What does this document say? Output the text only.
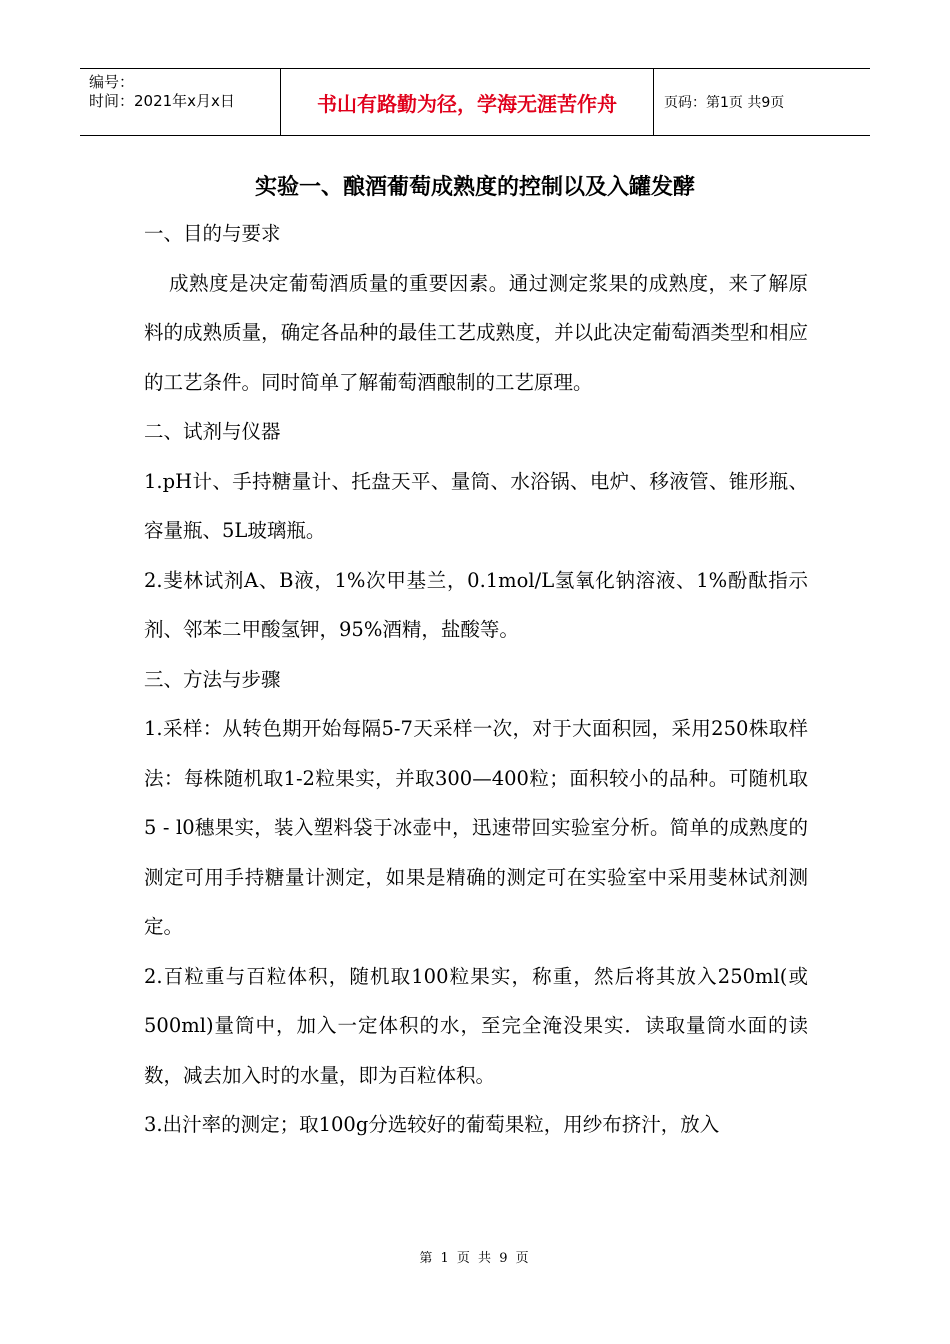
编号：
时间：2021年x月x日	书山有路勤为径，学海无涯苦作舟	页码：第1页 共9页
实验一、酿酒葡萄成熟度的控制以及入罐发酵

一、目的与要求

成熟度是决定葡萄酒质量的重要因素。通过测定浆果的成熟度，来了解原料的成熟质量，确定各品种的最佳工艺成熟度，并以此决定葡萄酒类型和相应的工艺条件。同时简单了解葡萄酒酿制的工艺原理。

二、试剂与仪器

1.pH计、手持糖量计、托盘天平、量筒、水浴锅、电炉、移液管、锥形瓶、容量瓶、5L玻璃瓶。

2.斐林试剂A、B液，1%次甲基兰，0.1mol/L氢氧化钠溶液、1%酚酞指示剂、邻苯二甲酸氢钾，95%酒精，盐酸等。

三、方法与步骤

1.采样：从转色期开始每隔5-7天采样一次，对于大面积园，采用250株取样法：每株随机取1-2粒果实，并取300—400粒；面积较小的品种。可随机取5 - l0穗果实，装入塑料袋于冰壶中，迅速带回实验室分析。简单的成熟度的测定可用手持糖量计测定，如果是精确的测定可在实验室中采用斐林试剂测定。

2.百粒重与百粒体积，随机取100粒果实，称重，然后将其放入250ml(或500ml)量筒中，加入一定体积的水，至完全淹没果实．读取量筒水面的读数，减去加入时的水量，即为百粒体积。

3.出汁率的测定；取100g分选较好的葡萄果粒，用纱布挤汁，放入

第 1 页 共 9 页
